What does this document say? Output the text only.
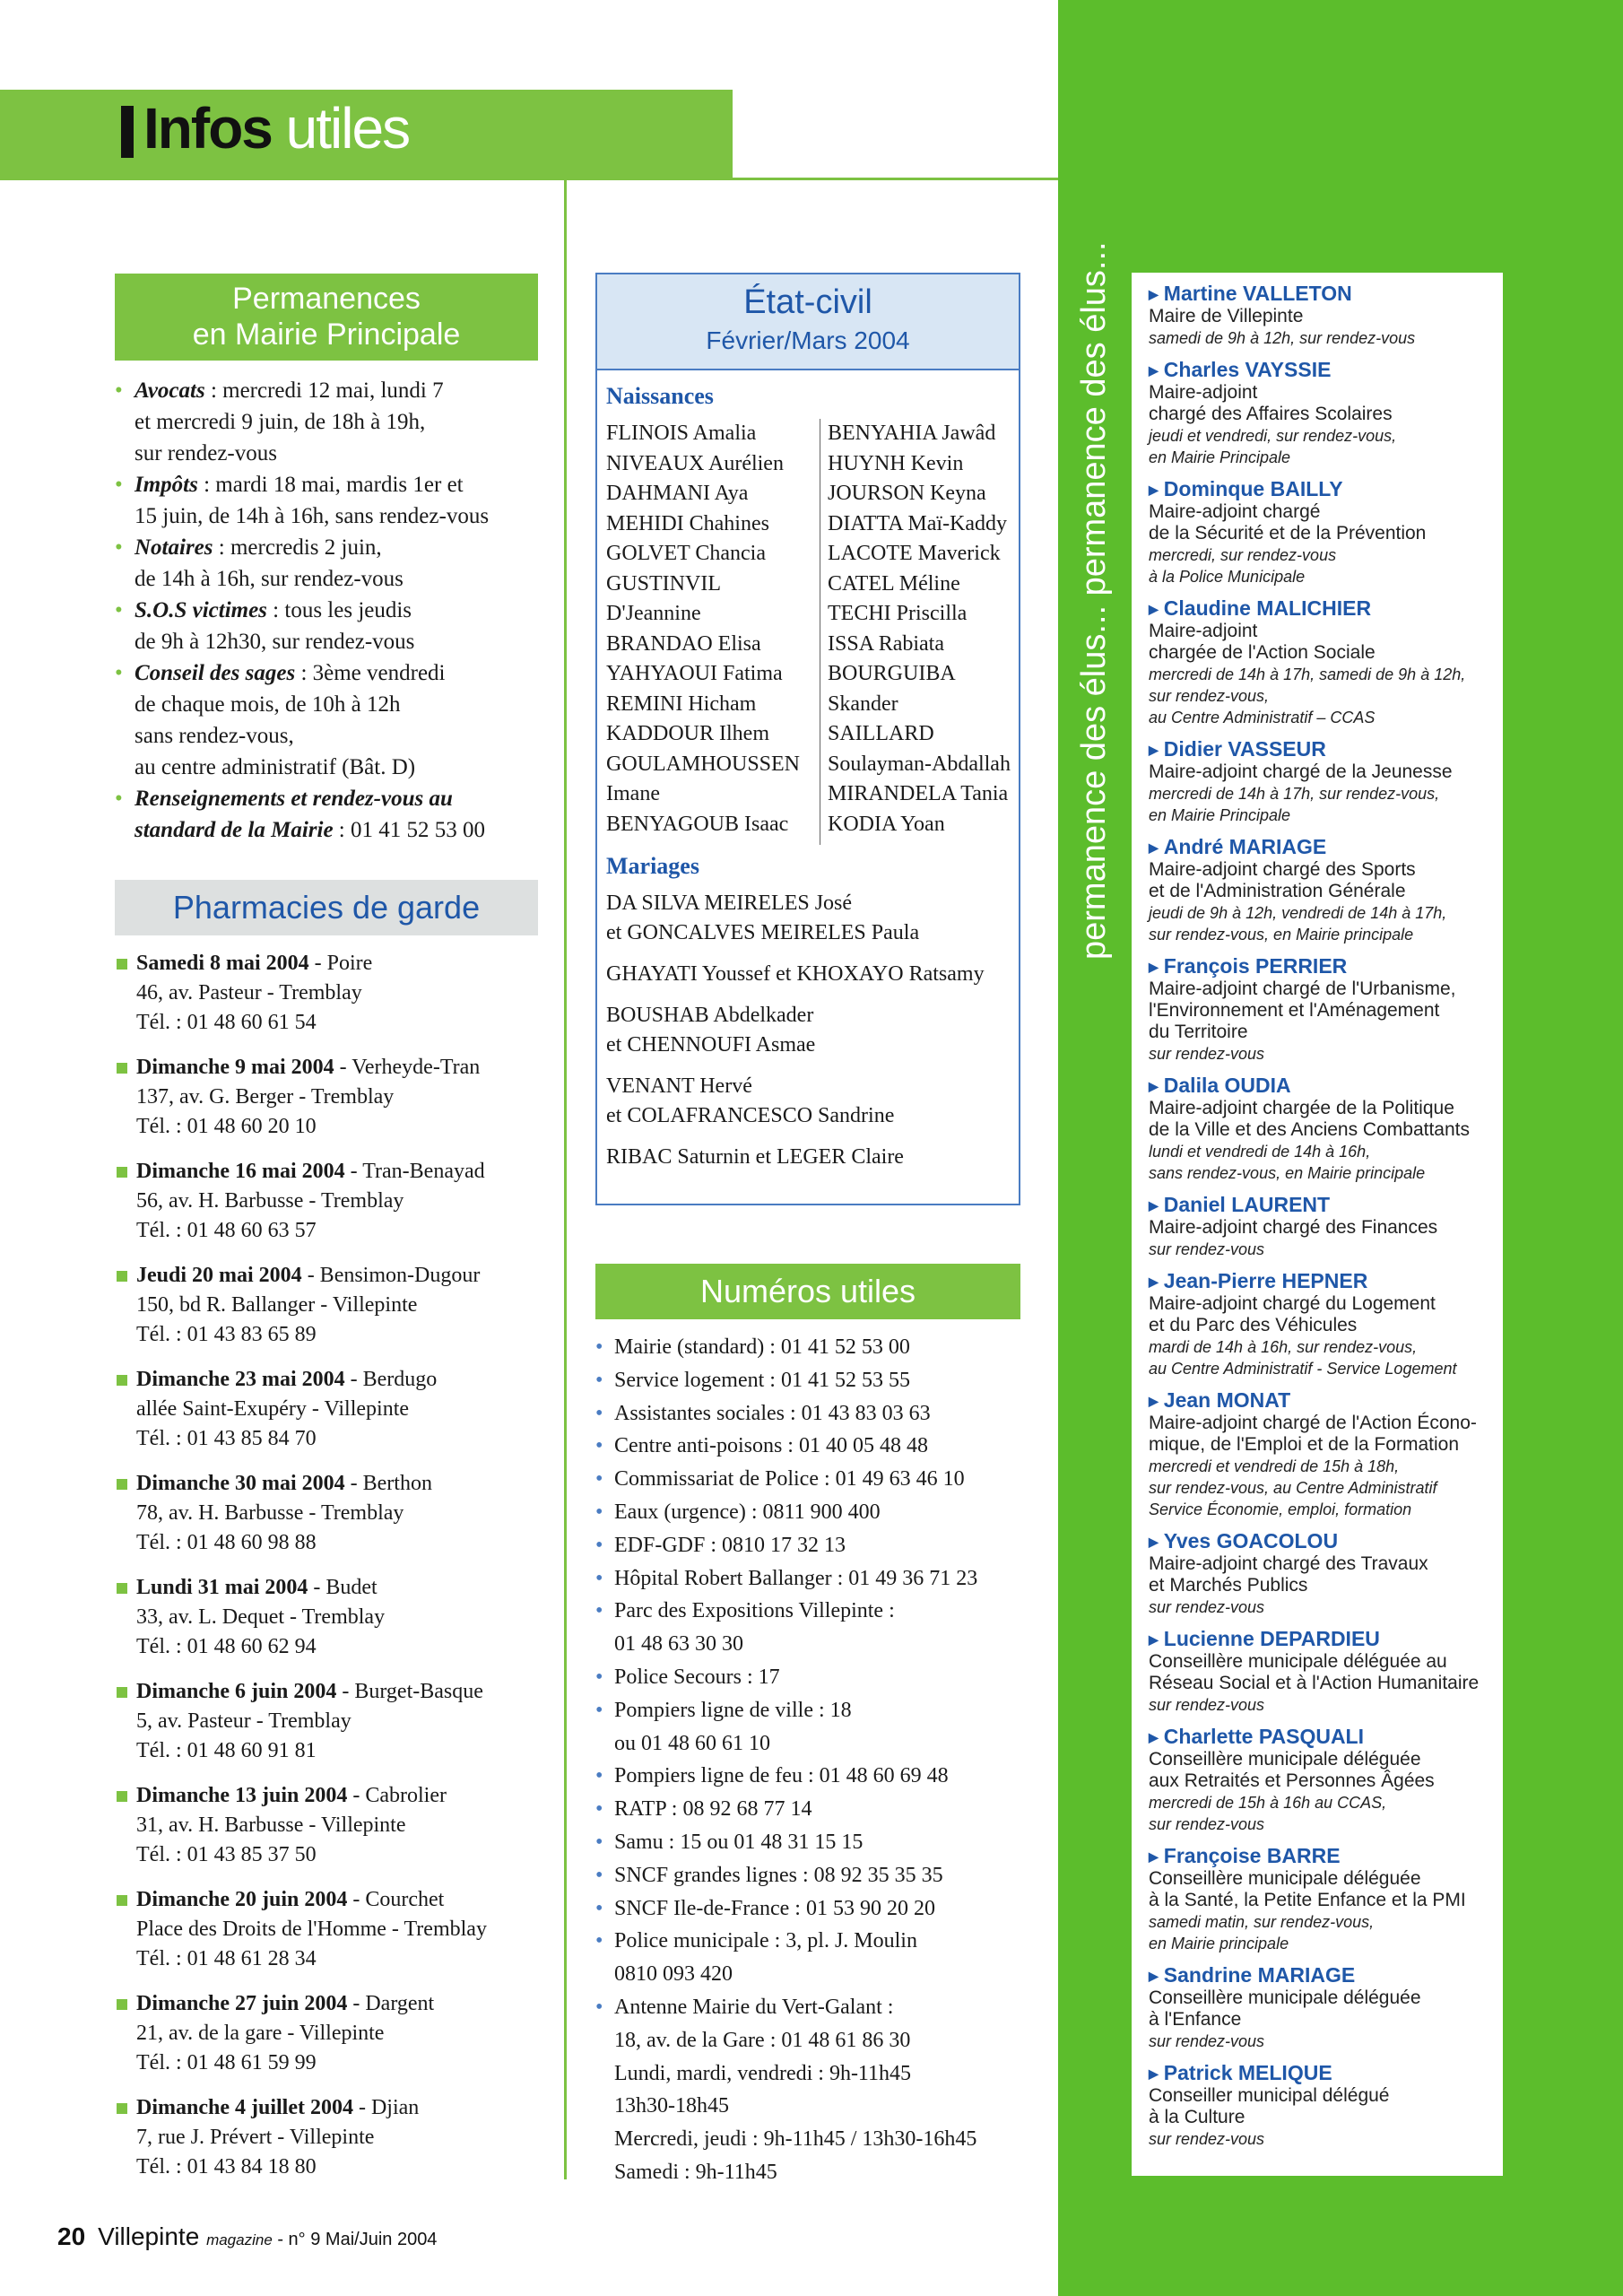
Infos utiles
Permanences
en Mairie Principale
• Avocats : mercredi 12 mai, lundi 7
et mercredi 9 juin, de 18h à 19h,
sur rendez-vous
• Impôts : mardi 18 mai, mardis 1er et
15 juin, de 14h à 16h, sans rendez-vous
• Notaires : mercredis 2 juin,
de 14h à 16h, sur rendez-vous
• S.O.S victimes : tous les jeudis
de 9h à 12h30, sur rendez-vous
• Conseil des sages : 3ème vendredi
de chaque mois, de 10h à 12h
sans rendez-vous,
au centre administratif (Bât. D)
• Renseignements et rendez-vous au
standard de la Mairie : 01 41 52 53 00
Pharmacies de garde
Samedi 8 mai 2004 - Poire
46, av. Pasteur - Tremblay
Tél. : 01 48 60 61 54
Dimanche 9 mai 2004 - Verheyde-Tran
137, av. G. Berger - Tremblay
Tél. : 01 48 60 20 10
Dimanche 16 mai 2004 - Tran-Benayad
56, av. H. Barbusse - Tremblay
Tél. : 01 48 60 63 57
Jeudi 20 mai 2004 - Bensimon-Dugour
150, bd R. Ballanger - Villepinte
Tél. : 01 43 83 65 89
Dimanche 23 mai 2004 - Berdugo
allée Saint-Exupéry - Villepinte
Tél. : 01 43 85 84 70
Dimanche 30 mai 2004 - Berthon
78, av. H. Barbusse - Tremblay
Tél. : 01 48 60 98 88
Lundi 31 mai 2004 - Budet
33, av. L. Dequet - Tremblay
Tél. : 01 48 60 62 94
Dimanche 6 juin 2004 - Burget-Basque
5, av. Pasteur - Tremblay
Tél. : 01 48 60 91 81
Dimanche 13 juin 2004 - Cabrolier
31, av. H. Barbusse - Villepinte
Tél. : 01 43 85 37 50
Dimanche 20 juin 2004 - Courchet
Place des Droits de l'Homme - Tremblay
Tél. : 01 48 61 28 34
Dimanche 27 juin 2004 - Dargent
21, av. de la gare - Villepinte
Tél. : 01 48 61 59 99
Dimanche 4 juillet 2004 - Djian
7, rue J. Prévert - Villepinte
Tél. : 01 43 84 18 80
État-civil
Février/Mars 2004
Naissances
FLINOIS Amalia
NIVEAUX Aurélien
DAHMANI Aya
MEHIDI Chahines
GOLVET Chancia
GUSTINVIL
D'Jeannine
BRANDAO Elisa
YAHYAOUI Fatima
REMINI Hicham
KADDOUR Ilhem
GOULAMHOUSSEN
Imane
BENYAGOUB Isaac
BENYAHIA Jawâd
HUYNH Kevin
JOURSON Keyna
DIATTA Maï-Kaddy
LACOTE Maverick
CATEL Méline
TECHI Priscilla
ISSA Rabiata
BOURGUIBA
Skander
SAILLARD
Soulayman-Abdallah
MIRANDELA Tania
KODIA Yoan
Mariages
DA SILVA MEIRELES José
et GONCALVES MEIRELES Paula
GHAYATI Youssef et KHOXAYO Ratsamy
BOUSHAB Abdelkader
et CHENNOUFI Asmae
VENANT Hervé
et COLAFRANCESCO Sandrine
RIBAC Saturnin et LEGER Claire
Numéros utiles
• Mairie (standard) : 01 41 52 53 00
• Service logement : 01 41 52 53 55
• Assistantes sociales : 01 43 83 03 63
• Centre anti-poisons : 01 40 05 48 48
• Commissariat de Police : 01 49 63 46 10
• Eaux (urgence) : 0811 900 400
• EDF-GDF : 0810 17 32 13
• Hôpital Robert Ballanger : 01 49 36 71 23
• Parc des Expositions Villepinte :
01 48 63 30 30
• Police Secours : 17
• Pompiers ligne de ville : 18
ou 01 48 60 61 10
• Pompiers ligne de feu : 01 48 60 69 48
• RATP : 08 92 68 77 14
• Samu : 15 ou 01 48 31 15 15
• SNCF grandes lignes : 08 92 35 35 35
• SNCF Ile-de-France : 01 53 90 20 20
• Police municipale : 3, pl. J. Moulin
0810 093 420
• Antenne Mairie du Vert-Galant :
18, av. de la Gare : 01 48 61 86 30
Lundi, mardi, vendredi : 9h-11h45
13h30-18h45
Mercredi, jeudi : 9h-11h45 / 13h30-16h45
Samedi : 9h-11h45
permanence des élus... permanence des élus...	▶ Martine VALLETON
Maire de Villepinte
samedi de 9h à 12h, sur rendez-vous
▶ Charles VAYSSIE
Maire-adjoint
chargé des Affaires Scolaires
jeudi et vendredi, sur rendez-vous,
en Mairie Principale
▶ Dominque BAILLY
Maire-adjoint chargé
de la Sécurité et de la Prévention
mercredi, sur rendez-vous
à la Police Municipale
▶ Claudine MALICHIER
Maire-adjoint
chargée de l'Action Sociale
mercredi de 14h à 17h, samedi de 9h à 12h,
sur rendez-vous,
au Centre Administratif – CCAS
▶ Didier VASSEUR
Maire-adjoint chargé de la Jeunesse
mercredi de 14h à 17h, sur rendez-vous,
en Mairie Principale
▶ André MARIAGE
Maire-adjoint chargé des Sports
et de l'Administration Générale
jeudi de 9h à 12h, vendredi de 14h à 17h,
sur rendez-vous, en Mairie principale
▶ François PERRIER
Maire-adjoint chargé de l'Urbanisme,
l'Environnement et l'Aménagement
du Territoire
sur rendez-vous
▶ Dalila OUDIA
Maire-adjoint chargée de la Politique
de la Ville et des Anciens Combattants
lundi et vendredi de 14h à 16h,
sans rendez-vous, en Mairie principale
▶ Daniel LAURENT
Maire-adjoint chargé des Finances
sur rendez-vous
▶ Jean-Pierre HEPNER
Maire-adjoint chargé du Logement
et du Parc des Véhicules
mardi de 14h à 16h, sur rendez-vous,
au Centre Administratif - Service Logement
▶ Jean MONAT
Maire-adjoint chargé de l'Action Écono-
mique, de l'Emploi et de la Formation
mercredi et vendredi de 15h à 18h,
sur rendez-vous, au Centre Administratif
Service Économie, emploi, formation
▶ Yves GOACOLOU
Maire-adjoint chargé des Travaux
et Marchés Publics
sur rendez-vous
▶ Lucienne DEPARDIEU
Conseillère municipale déléguée au
Réseau Social et à l'Action Humanitaire
sur rendez-vous
▶ Charlette PASQUALI
Conseillère municipale déléguée
aux Retraités et Personnes Âgées
mercredi de 15h à 16h au CCAS,
sur rendez-vous
▶ Françoise BARRE
Conseillère municipale déléguée
à la Santé, la Petite Enfance et la PMI
samedi matin, sur rendez-vous,
en Mairie principale
▶ Sandrine MARIAGE
Conseillère municipale déléguée
à l'Enfance
sur rendez-vous
▶ Patrick MELIQUE
Conseiller municipal délégué
à la Culture
sur rendez-vous
20 Villepinte magazine - n° 9 Mai/Juin 2004
